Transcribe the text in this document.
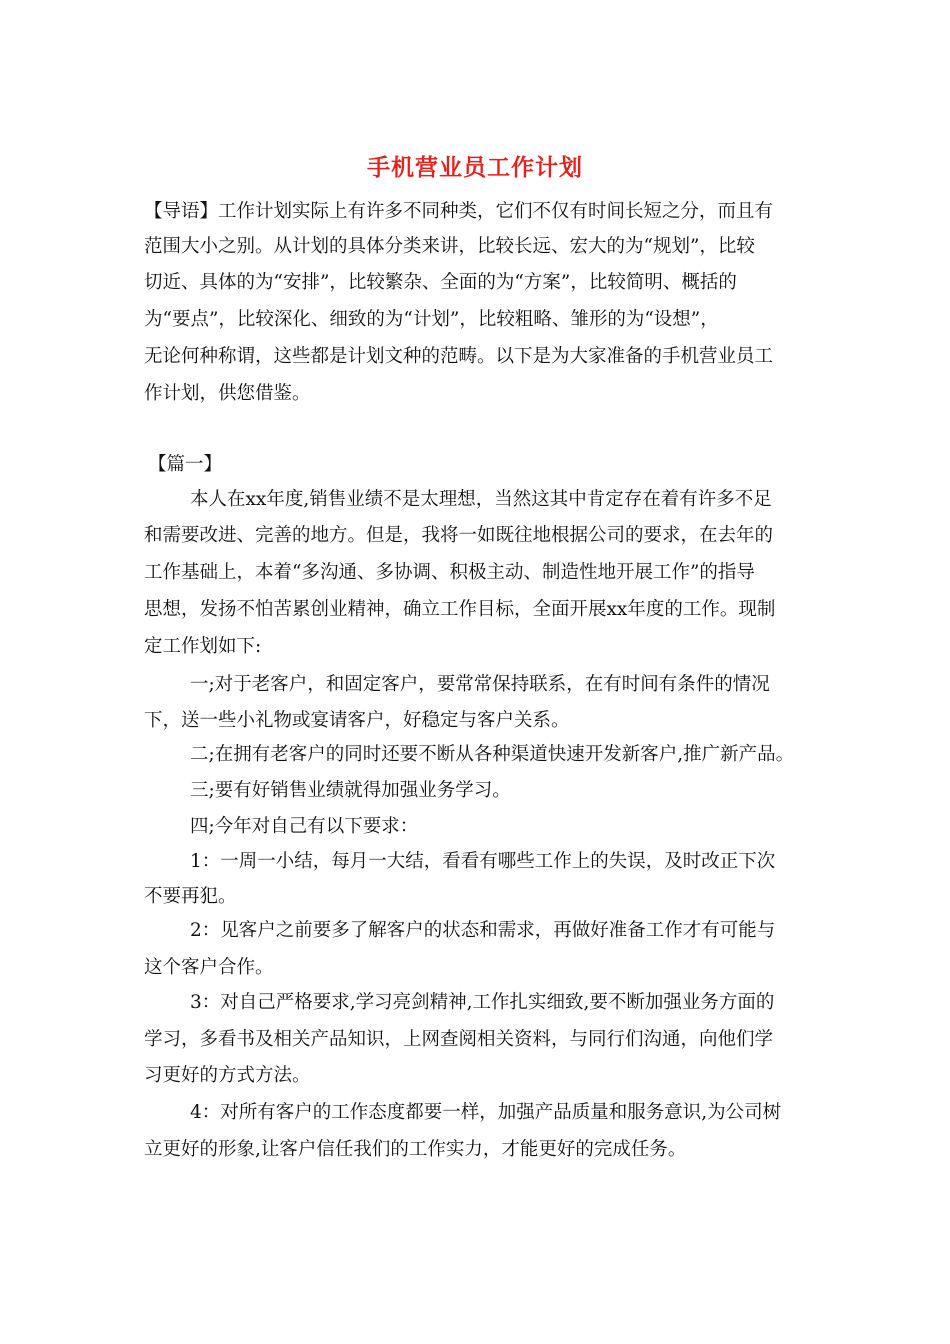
手机营业员工作计划
【导语】工作计划实际上有许多不同种类，它们不仅有时间长短之分，而且有
范围大小之别。从计划的具体分类来讲，比较长远、宏大的为“规划”，比较
切近、具体的为“安排”，比较繁杂、全面的为“方案”，比较简明、概括的
为“要点”，比较深化、细致的为“计划”，比较粗略、雏形的为“设想”，
无论何种称谓，这些都是计划文种的范畴。以下是为大家准备的手机营业员工
作计划，供您借鉴。
【篇一】
本人在xx年度,销售业绩不是太理想，当然这其中肯定存在着有许多不足
和需要改进、完善的地方。但是，我将一如既往地根据公司的要求，在去年的
工作基础上，本着“多沟通、多协调、积极主动、制造性地开展工作”的指导
思想，发扬不怕苦累创业精神，确立工作目标，全面开展xx年度的工作。现制
定工作划如下:
一;对于老客户，和固定客户，要常常保持联系，在有时间有条件的情况
下，送一些小礼物或宴请客户，好稳定与客户关系。
二;在拥有老客户的同时还要不断从各种渠道快速开发新客户,推广新产品。
三;要有好销售业绩就得加强业务学习。
四;今年对自己有以下要求：
1：一周一小结，每月一大结，看看有哪些工作上的失误，及时改正下次
不要再犯。
2：见客户之前要多了解客户的状态和需求，再做好准备工作才有可能与
这个客户合作。
3：对自己严格要求,学习亮剑精神,工作扎实细致,要不断加强业务方面的
学习，多看书及相关产品知识，上网查阅相关资料，与同行们沟通，向他们学
习更好的方式方法。
4：对所有客户的工作态度都要一样，加强产品质量和服务意识,为公司树
立更好的形象,让客户信任我们的工作实力，才能更好的完成任务。
